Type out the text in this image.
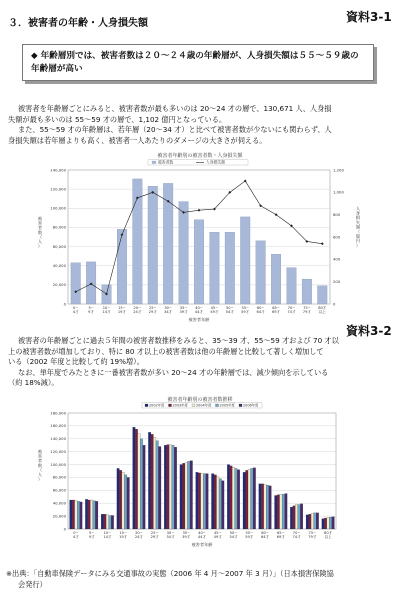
３．被害者の年齢・人身損失額	資料3-1
◆ 年齢層別では、被害者数は２０～２４歳の年齢層が、人身損失額は５５～５９歳の年齢層が高い
被害者を年齢層ごとにみると、被害者数が最も多いのは 20～24 才の層で、130,671 人、人身損
失額が最も多いのは 55～59 才の層で、1,102 億円となっている。
また、55～59 才の年齢層は、若年層（20～34 才）と比べて被害者数が少ないにも関わらず、人
身損失額は若年層よりも高く、被害者一人あたりのダメージの大きさが伺える。
被害者年齢別の被害者数・人身損失額
0
20,000
40,000
60,000
80,000
100,000
120,000
140,000
0
200
400
600
800
1,000
1,200
0~ 4才
5~ 9才
10~ 14才
15~ 19才
20~ 24才
25~ 29才
30~ 34才
35~ 39才
40~ 44才
45~ 49才
50~ 54才
55~ 59才
60~ 64才
65~ 69才
70~ 74才
75~ 79才
80才以上
被害者年齢
被害者数（人）
人身損失額（億円）
被害者数	人身損失額
資料3-2
被害者の年齢層ごとに過去５年間の被害者数推移をみると、35～39 才、55～59 才および 70 才以
上の被害者数が増加しており、特に 80 才以上の被害者数は他の年齢層と比較して著しく増加して
いる（2002 年度と比較して約 19%増）。
なお、単年度でみたときに一番被害者数が多い 20～24 才の年齢層では、減少傾向を示している
（約 18%減）。
被害者年齢別の被害者数推移
0
20,000
40,000
60,000
80,000
100,000
120,000
140,000
160,000
180,000
0~ 4才
5~ 9才
10~ 14才
15~ 19才
20~ 24才
25~ 29才
30~ 34才
35~ 39才
40~ 44才
45~ 49才
50~ 54才
55~ 59才
60~ 64才
65~ 69才
70~ 74才
75~ 79才
80才以上
被害者年齢
被害者数（人）
2002年度 2003年度 2004年度 2005年度 2006年度
※出典：「自動車保険データにみる交通事故の実態（2006 年 4 月～2007 年 3 月）」（日本損害保険協
会発行）
